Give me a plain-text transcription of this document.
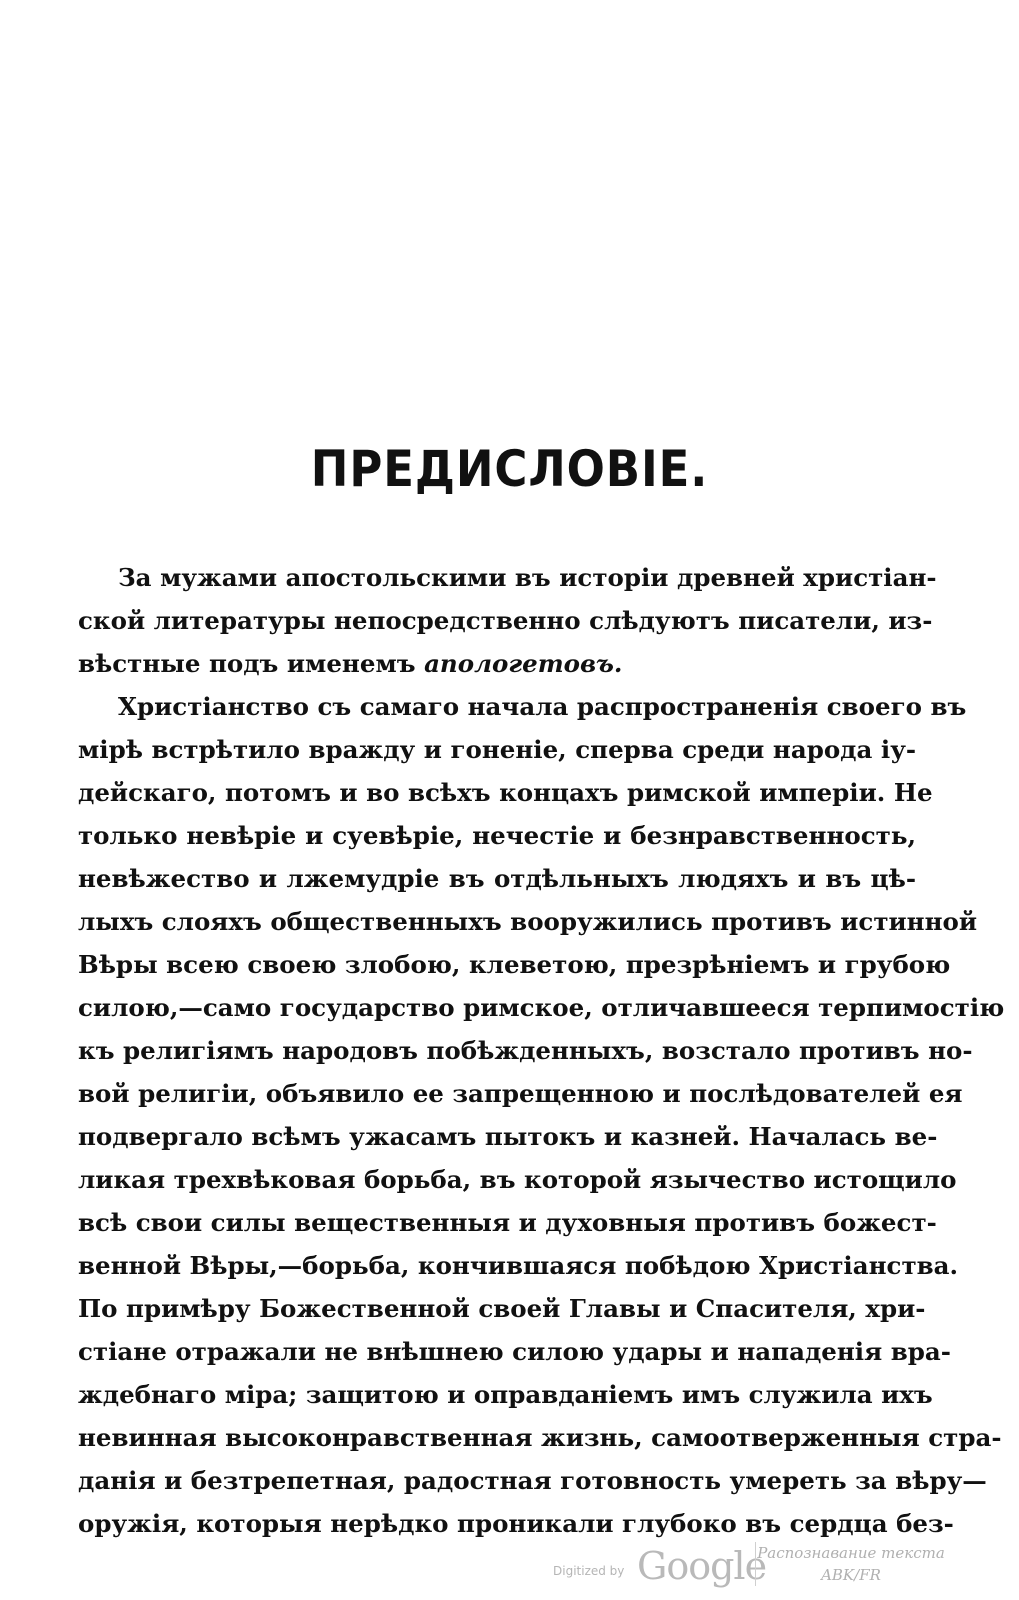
ПРЕДИСЛОВІЕ.
За мужами апостольскими въ исторіи древней христіан-
ской литературы непосредственно слѣдуютъ писатели, из-
вѣстные подъ именемъ апологетовъ.
Христіанство съ самаго начала распространенія своего въ
мірѣ встрѣтило вражду и гоненіе, сперва среди народа іу-
дейскаго, потомъ и во всѣхъ концахъ римской имперіи. Не
только невѣріе и суевѣріе, нечестіе и безнравственность,
невѣжество и лжемудріе въ отдѣльныхъ людяхъ и въ цѣ-
лыхъ слояхъ общественныхъ вооружились противъ истинной
Вѣры всею своею злобою, клеветою, презрѣніемъ и грубою
силою,—само государство римское, отличавшееся терпимостію
къ религіямъ народовъ побѣжденныхъ, возстало противъ но-
вой религіи, объявило ее запрещенною и послѣдователей ея
подвергало всѣмъ ужасамъ пытокъ и казней. Началась ве-
ликая трехвѣковая борьба, въ которой язычество истощило
всѣ свои силы вещественныя и духовныя противъ божест-
венной Вѣры,—борьба, кончившаяся побѣдою Христіанства.
По примѣру Божественной своей Главы и Спасителя, хри-
стіане отражали не внѣшнею силою удары и нападенія вра-
ждебнаго міра; защитою и оправданіемъ имъ служила ихъ
невинная высоконравственная жизнь, самоотверженныя стра-
данія и безтрепетная, радостная готовность умереть за вѣру—
оружія, которыя нерѣдко проникали глубоко въ сердца без-
Digitized by Google
Распознавание текста
ABK/FR
